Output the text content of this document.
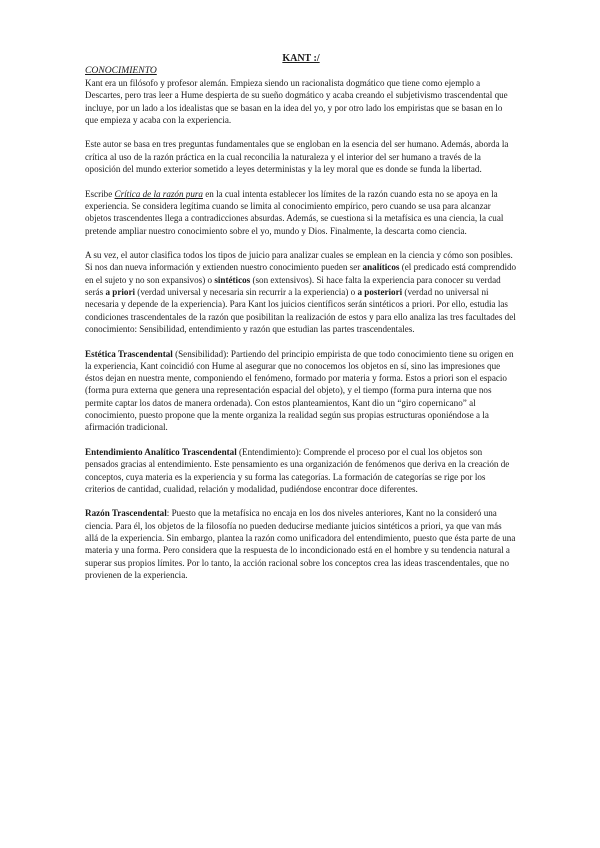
KANT :/
CONOCIMIENTO

Kant era un filósofo y profesor alemán. Empieza siendo un racionalista dogmático que tiene como ejemplo a Descartes, pero tras leer a Hume despierta de su sueño dogmático y acaba creando el subjetivismo trascendental que incluye, por un lado a los idealistas que se basan en la idea del yo, y por otro lado los empiristas que se basan en lo que empieza y acaba con la experiencia.

Este autor se basa en tres preguntas fundamentales que se engloban en la esencia del ser humano. Además, aborda la crítica al uso de la razón práctica en la cual reconcilia la naturaleza y el interior del ser humano a través de la oposición del mundo exterior sometido a leyes deterministas y la ley moral que es donde se funda la libertad.

Escribe Crítica de la razón pura en la cual intenta establecer los límites de la razón cuando esta no se apoya en la experiencia. Se considera legítima cuando se limita al conocimiento empírico, pero cuando se usa para alcanzar objetos trascendentes llega a contradicciones absurdas. Además, se cuestiona si la metafísica es una ciencia, la cual pretende ampliar nuestro conocimiento sobre el yo, mundo y Dios. Finalmente, la descarta como ciencia.

A su vez, el autor clasifica todos los tipos de juicio para analizar cuales se emplean en la ciencia y cómo son posibles. Si nos dan nueva información y extienden nuestro conocimiento pueden ser analíticos (el predicado está comprendido en el sujeto y no son expansivos) o sintéticos (son extensivos). Si hace falta la experiencia para conocer su verdad serás a priori (verdad universal y necesaria sin recurrir a la experiencia) o a posteriori (verdad no universal ni necesaria y depende de la experiencia). Para Kant los juicios científicos serán sintéticos a priori. Por ello, estudia las condiciones trascendentales de la razón que posibilitan la realización de estos y para ello analiza las tres facultades del conocimiento: Sensibilidad, entendimiento y razón que estudian las partes trascendentales.

Estética Trascendental (Sensibilidad): Partiendo del principio empirista de que todo conocimiento tiene su origen en la experiencia, Kant coincidió con Hume al asegurar que no conocemos los objetos en sí, sino las impresiones que éstos dejan en nuestra mente, componiendo el fenómeno, formado por materia y forma. Estos a priori son el espacio (forma pura externa que genera una representación espacial del objeto), y el tiempo (forma pura interna que nos permite captar los datos de manera ordenada). Con estos planteamientos, Kant dio un “giro copernicano” al conocimiento, puesto propone que la mente organiza la realidad según sus propias estructuras oponiéndose a la afirmación tradicional.

Entendimiento Analítico Trascendental (Entendimiento): Comprende el proceso por el cual los objetos son pensados gracias al entendimiento. Este pensamiento es una organización de fenómenos que deriva en la creación de conceptos, cuya materia es la experiencia y su forma las categorías. La formación de categorías se rige por los criterios de cantidad, cualidad, relación y modalidad, pudiéndose encontrar doce diferentes.

Razón Trascendental: Puesto que la metafísica no encaja en los dos niveles anteriores, Kant no la consideró una ciencia. Para él, los objetos de la filosofía no pueden deducirse mediante juicios sintéticos a priori, ya que van más allá de la experiencia. Sin embargo, plantea la razón como unificadora del entendimiento, puesto que ésta parte de una materia y una forma. Pero considera que la respuesta de lo incondicionado está en el hombre y su tendencia natural a superar sus propios límites. Por lo tanto, la acción racional sobre los conceptos crea las ideas trascendentales, que no provienen de la experiencia.
